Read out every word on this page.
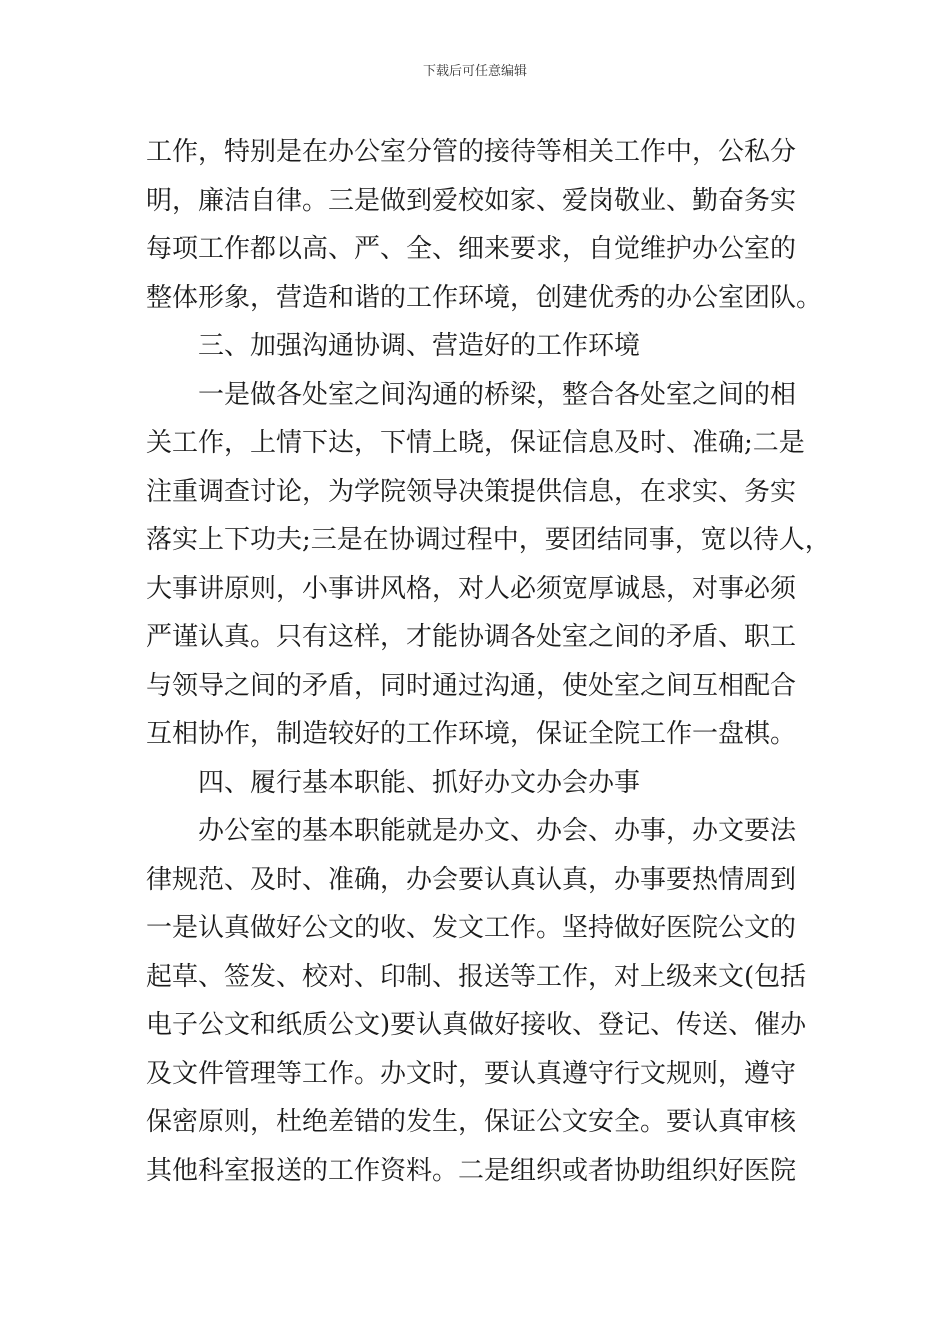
下载后可任意编辑
工作，特别是在办公室分管的接待等相关工作中，公私分
明，廉洁自律。三是做到爱校如家、爱岗敬业、勤奋务实
每项工作都以高、严、全、细来要求，自觉维护办公室的
整体形象，营造和谐的工作环境，创建优秀的办公室团队。
三、加强沟通协调、营造好的工作环境
一是做各处室之间沟通的桥梁，整合各处室之间的相
关工作，上情下达，下情上晓，保证信息及时、准确;二是
注重调查讨论，为学院领导决策提供信息，在求实、务实
落实上下功夫;三是在协调过程中，要团结同事，宽以待人，
大事讲原则，小事讲风格，对人必须宽厚诚恳，对事必须
严谨认真。只有这样，才能协调各处室之间的矛盾、职工
与领导之间的矛盾，同时通过沟通，使处室之间互相配合
互相协作，制造较好的工作环境，保证全院工作一盘棋。
四、履行基本职能、抓好办文办会办事
办公室的基本职能就是办文、办会、办事，办文要法
律规范、及时、准确，办会要认真认真，办事要热情周到
一是认真做好公文的收、发文工作。坚持做好医院公文的
起草、签发、校对、印制、报送等工作，对上级来文(包括
电子公文和纸质公文)要认真做好接收、登记、传送、催办
及文件管理等工作。办文时，要认真遵守行文规则，遵守
保密原则，杜绝差错的发生，保证公文安全。要认真审核
其他科室报送的工作资料。二是组织或者协助组织好医院
